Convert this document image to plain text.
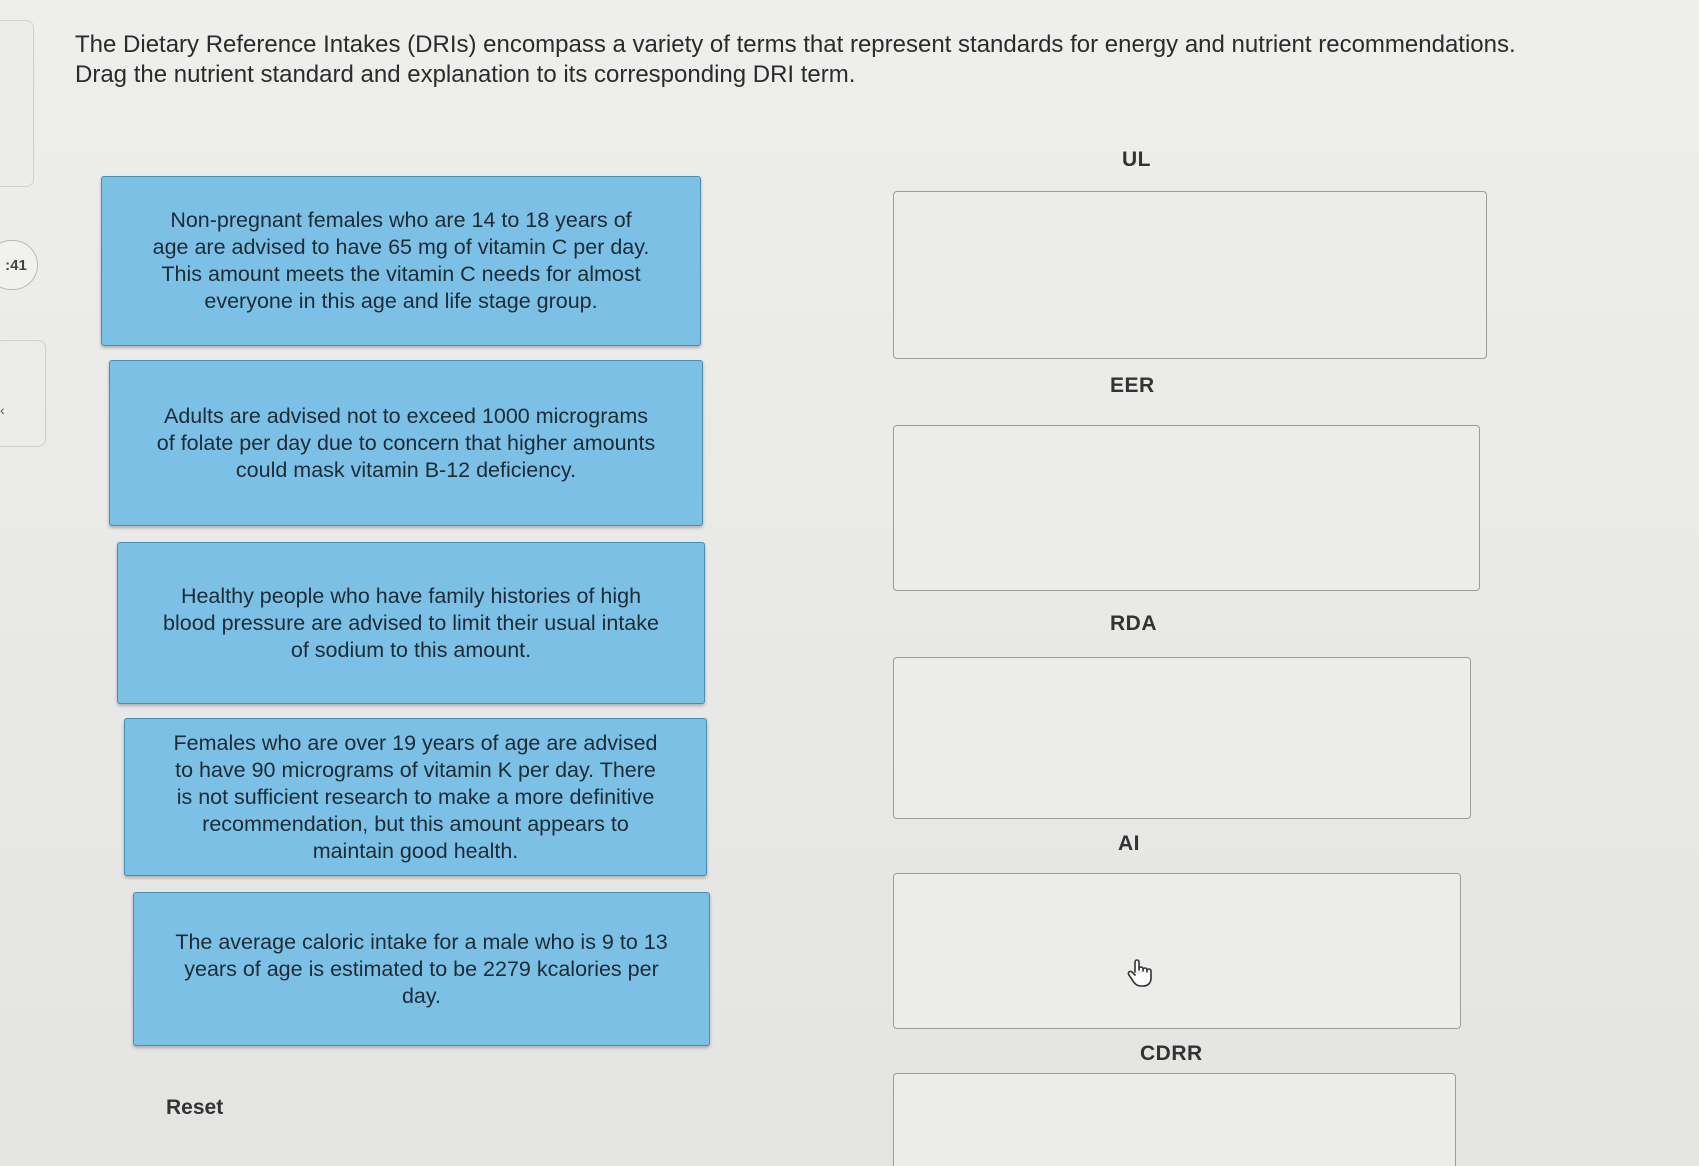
:41
‹

The Dietary Reference Intakes (DRIs) encompass a variety of terms that represent standards for energy and nutrient recommendations.

Drag the nutrient standard and explanation to its corresponding DRI term.

Non-pregnant females who are 14 to 18 years of
age are advised to have 65 mg of vitamin C per day.
This amount meets the vitamin C needs for almost
everyone in this age and life stage group.
Adults are advised not to exceed 1000 micrograms
of folate per day due to concern that higher amounts
could mask vitamin B-12 deficiency.
Healthy people who have family histories of high
blood pressure are advised to limit their usual intake
of sodium to this amount.
Females who are over 19 years of age are advised
to have 90 micrograms of vitamin K per day. There
is not sufficient research to make a more definitive
recommendation, but this amount appears to
maintain good health.
The average caloric intake for a male who is 9 to 13
years of age is estimated to be 2279 kcalories per
day.
Reset
UL
EER
RDA
AI
CDRR
